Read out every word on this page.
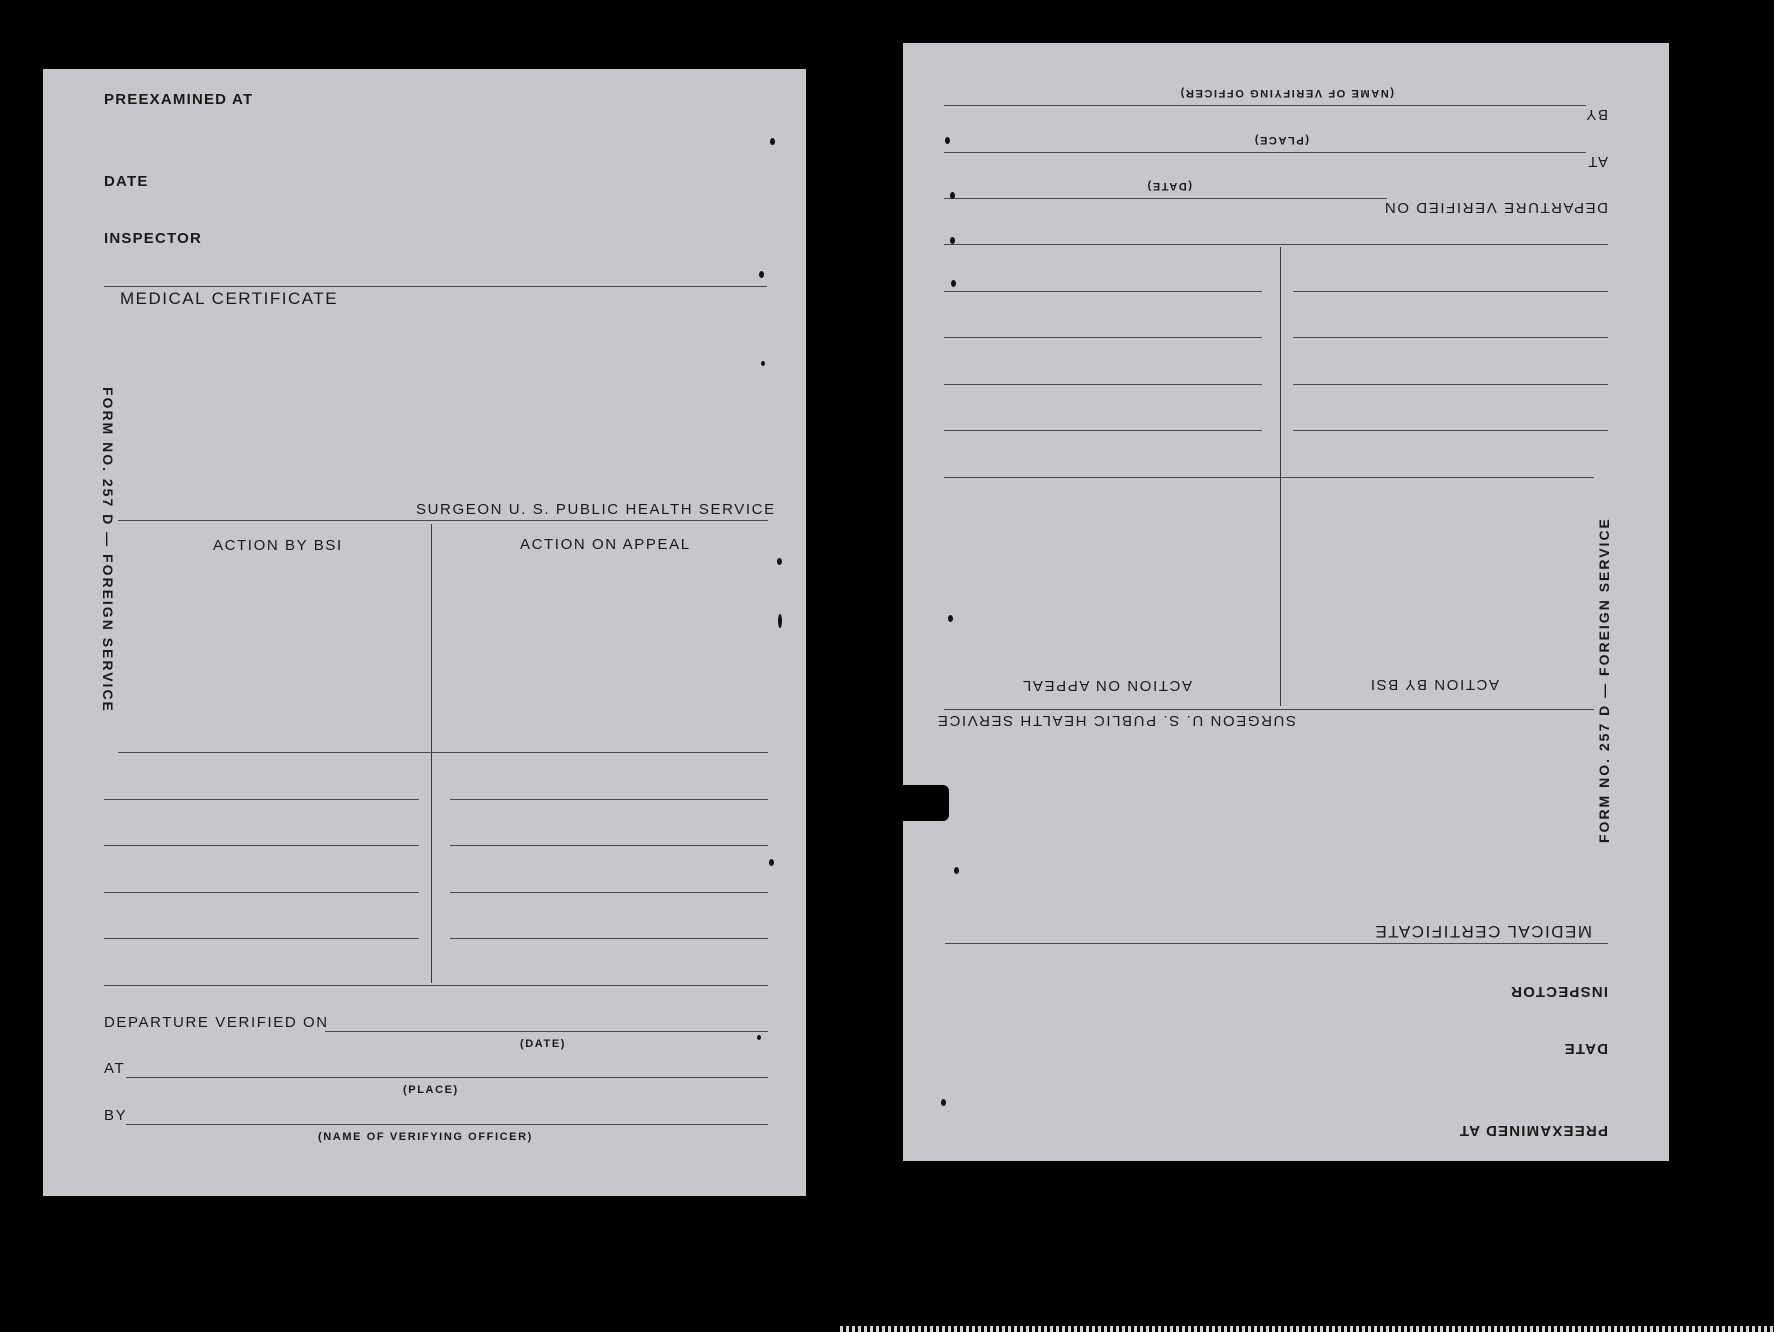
PREEXAMINED AT
DATE
INSPECTOR
MEDICAL CERTIFICATE
FORM NO. 257 D — FOREIGN SERVICE	SURGEON U. S. PUBLIC HEALTH SERVICE
ACTION BY BSI	ACTION ON APPEAL
DEPARTURE VERIFIED ON
(DATE)
AT
(PLACE)
BY
(NAME OF VERIFYING OFFICER)	PREEXAMINED AT
DATE
INSPECTOR
MEDICAL CERTIFICATE
FORM NO. 257 D — FOREIGN SERVICE
SURGEON U. S. PUBLIC HEALTH SERVICE
ACTION BY BSI
ACTION ON APPEAL
DEPARTURE VERIFIED ON
(DATE)
AT
(PLACE)
BY
(NAME OF VERIFYING OFFICER)
